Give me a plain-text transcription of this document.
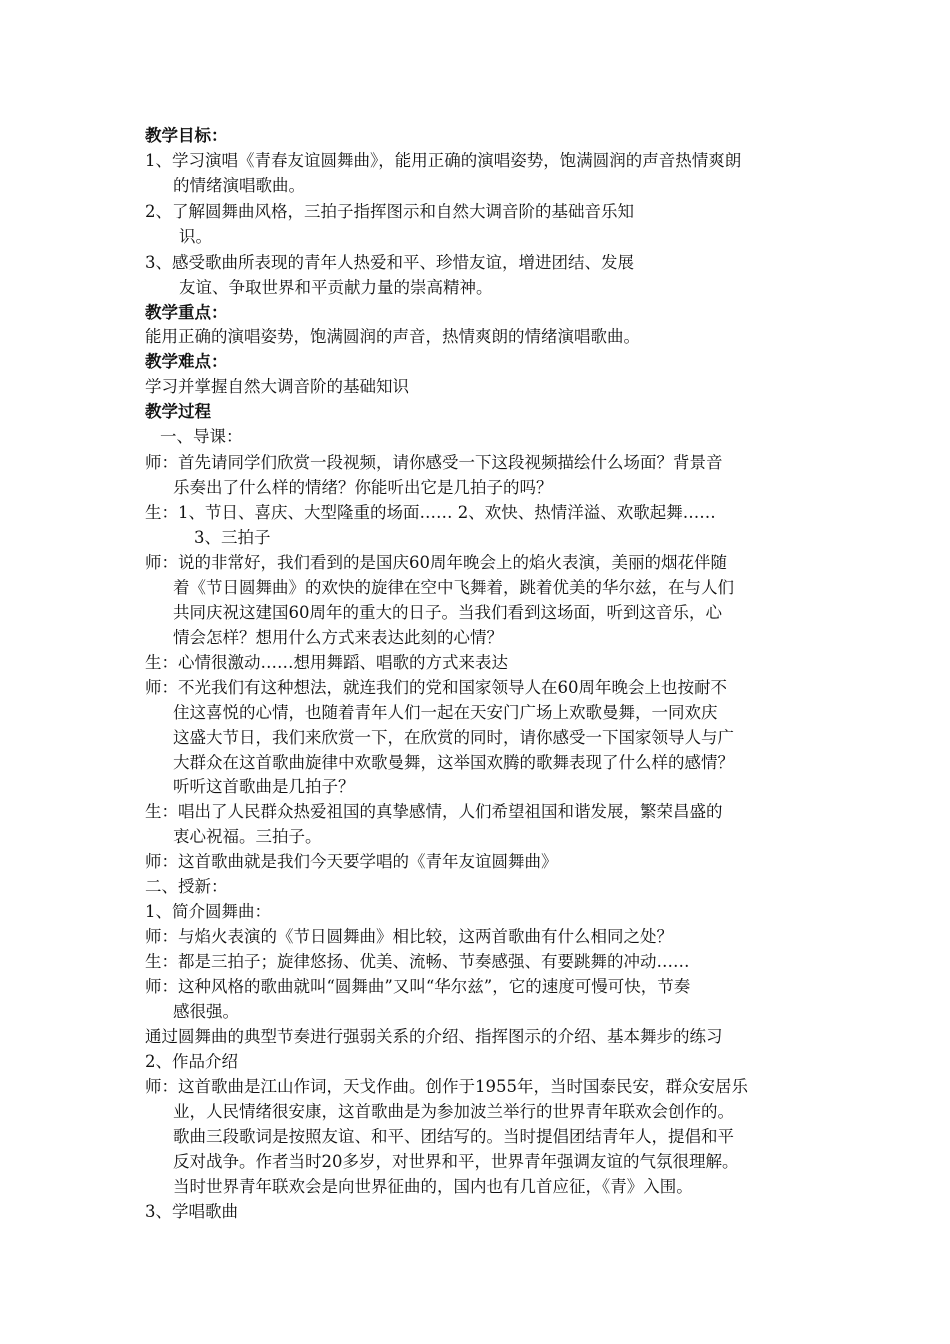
教学目标：
1、学习演唱《青春友谊圆舞曲》，能用正确的演唱姿势，饱满圆润的声音热情爽朗
的情绪演唱歌曲。
2、了解圆舞曲风格，三拍子指挥图示和自然大调音阶的基础音乐知
识。
3、感受歌曲所表现的青年人热爱和平、珍惜友谊，增进团结、发展
友谊、争取世界和平贡献力量的崇高精神。
教学重点：
能用正确的演唱姿势，饱满圆润的声音，热情爽朗的情绪演唱歌曲。
教学难点：
学习并掌握自然大调音阶的基础知识
教学过程
一、导课：
师：首先请同学们欣赏一段视频，请你感受一下这段视频描绘什么场面？背景音
乐奏出了什么样的情绪？你能听出它是几拍子的吗？
生：1、节日、喜庆、大型隆重的场面…… 2、欢快、热情洋溢、欢歌起舞……
3、三拍子
师：说的非常好，我们看到的是国庆60周年晚会上的焰火表演，美丽的烟花伴随
着《节日圆舞曲》的欢快的旋律在空中飞舞着，跳着优美的华尔兹，在与人们
共同庆祝这建国60周年的重大的日子。当我们看到这场面，听到这音乐，心
情会怎样？想用什么方式来表达此刻的心情？
生：心情很激动……想用舞蹈、唱歌的方式来表达
师：不光我们有这种想法，就连我们的党和国家领导人在60周年晚会上也按耐不
住这喜悦的心情，也随着青年人们一起在天安门广场上欢歌曼舞，一同欢庆
这盛大节日，我们来欣赏一下，在欣赏的同时，请你感受一下国家领导人与广
大群众在这首歌曲旋律中欢歌曼舞，这举国欢腾的歌舞表现了什么样的感情？
听听这首歌曲是几拍子？
生：唱出了人民群众热爱祖国的真挚感情，人们希望祖国和谐发展，繁荣昌盛的
衷心祝福。三拍子。
师：这首歌曲就是我们今天要学唱的《青年友谊圆舞曲》
二、授新：
1、简介圆舞曲：
师：与焰火表演的《节日圆舞曲》相比较，这两首歌曲有什么相同之处？
生：都是三拍子；旋律悠扬、优美、流畅、节奏感强、有要跳舞的冲动……
师：这种风格的歌曲就叫“圆舞曲”又叫“华尔兹”，它的速度可慢可快，节奏
感很强。
通过圆舞曲的典型节奏进行强弱关系的介绍、指挥图示的介绍、基本舞步的练习
2、作品介绍
师：这首歌曲是江山作词，天戈作曲。创作于1955年，当时国泰民安，群众安居乐
业，人民情绪很安康，这首歌曲是为参加波兰举行的世界青年联欢会创作的。
歌曲三段歌词是按照友谊、和平、团结写的。当时提倡团结青年人，提倡和平
反对战争。作者当时20多岁，对世界和平，世界青年强调友谊的气氛很理解。
当时世界青年联欢会是向世界征曲的，国内也有几首应征，《青》入围。
3、学唱歌曲
